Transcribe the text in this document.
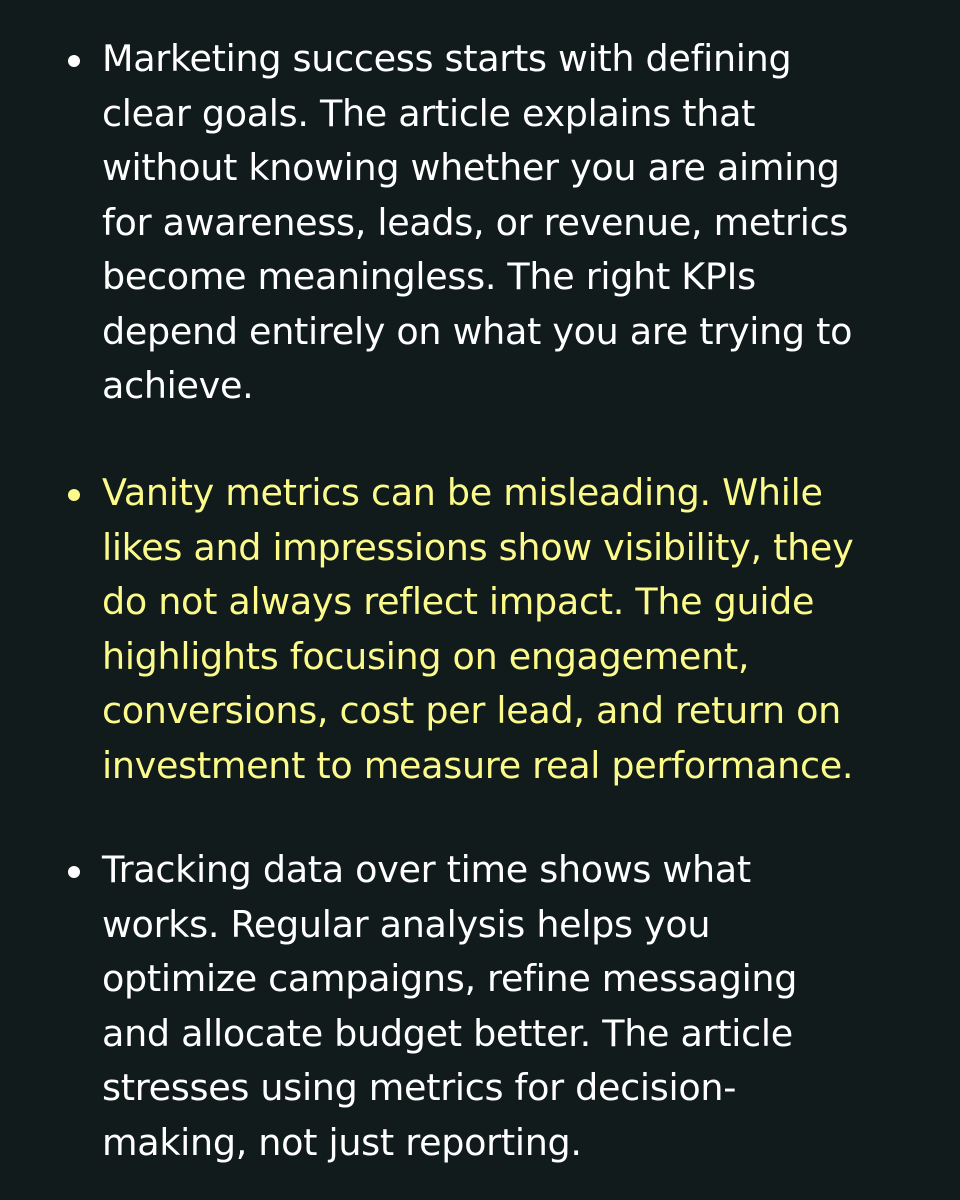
Marketing success starts with defining
clear goals. The article explains that
without knowing whether you are aiming
for awareness, leads, or revenue, metrics
become meaningless. The right KPIs
depend entirely on what you are trying to
achieve.

Vanity metrics can be misleading. While
likes and impressions show visibility, they
do not always reflect impact. The guide
highlights focusing on engagement,
conversions, cost per lead, and return on
investment to measure real performance.

Tracking data over time shows what
works. Regular analysis helps you
optimize campaigns, refine messaging
and allocate budget better. The article
stresses using metrics for decision-
making, not just reporting.
